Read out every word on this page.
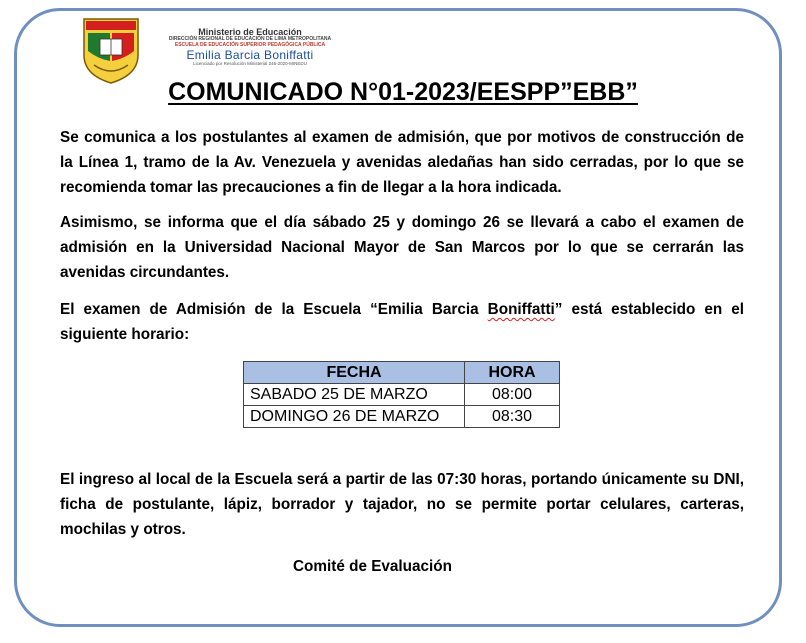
Ministerio de Educación
DIRECCIÓN REGIONAL DE EDUCACIÓN DE LIMA METROPOLITANA
ESCUELA DE EDUCACIÓN SUPERIOR PEDAGÓGICA PÚBLICA
Emilia Barcia Boniffatti
Licenciado por Resolución Ministerial 246-2020-MINEDU
COMUNICADO N°01-2023/EESPP”EBB”
Se comunica a los postulantes al examen de admisión, que por motivos de construcción de la Línea 1, tramo de la Av. Venezuela y avenidas aledañas han sido cerradas, por lo que se recomienda tomar las precauciones a fin de llegar a la hora indicada.
Asimismo, se informa que el día sábado 25 y domingo 26 se llevará a cabo el examen de admisión en la Universidad Nacional Mayor de San Marcos por lo que se cerrarán las avenidas circundantes.
El examen de Admisión de la Escuela “Emilia Barcia Boniffatti” está establecido en el siguiente horario:
FECHA	HORA
SABADO 25 DE MARZO	08:00
DOMINGO 26 DE MARZO	08:30
El ingreso al local de la Escuela será a partir de las 07:30 horas, portando únicamente su DNI, ficha de postulante, lápiz, borrador y tajador, no se permite portar celulares, carteras, mochilas y otros.
Comité de Evaluación
